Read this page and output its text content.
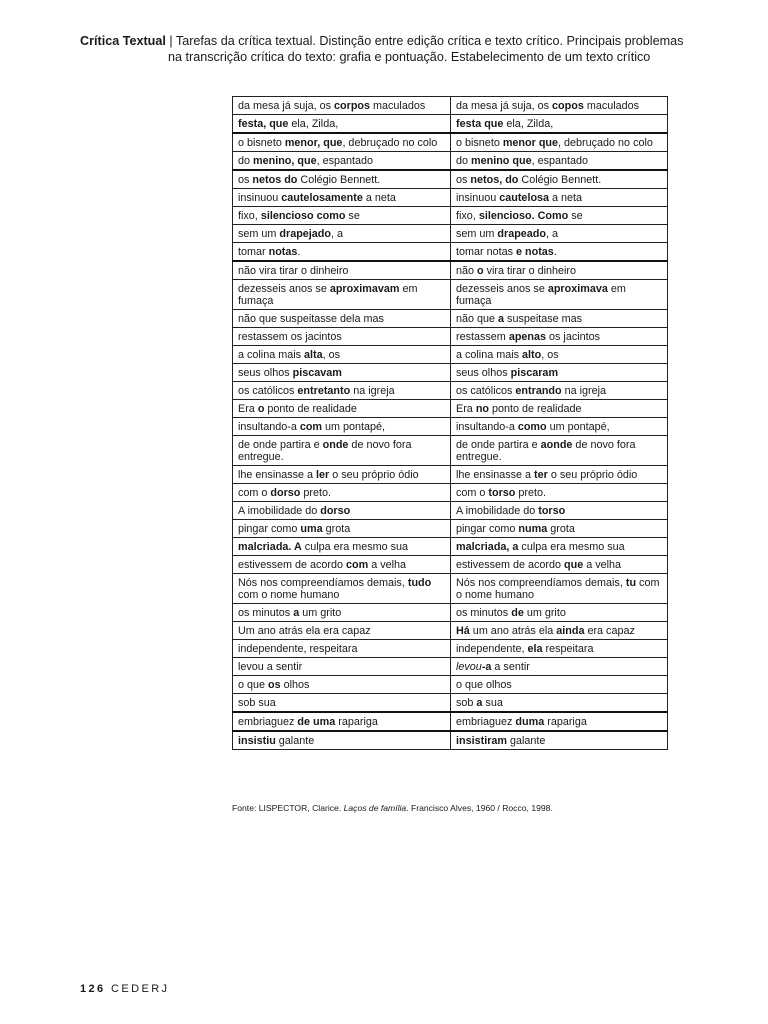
Crítica Textual | Tarefas da crítica textual. Distinção entre edição crítica e texto crítico. Principais problemas
na transcrição crítica do texto: grafia e pontuação. Estabelecimento de um texto crítico
da mesa já suja, os corpos maculados	da mesa já suja, os copos maculados
festa, que ela, Zilda,	festa que ela, Zilda,
o bisneto menor, que, debruçado no colo	o bisneto menor que, debruçado no colo
do menino, que, espantado	do menino que, espantado
os netos do Colégio Bennett.	os netos, do Colégio Bennett.
insinuou cautelosamente a neta	insinuou cautelosa a neta
fixo, silencioso como se	fixo, silencioso. Como se
sem um drapejado, a	sem um drapeado, a
tomar notas.	tomar notas e notas.
não vira tirar o dinheiro	não o vira tirar o dinheiro
dezesseis anos se aproximavam em fumaça	dezesseis anos se aproximava em fumaça
não que suspeitasse dela mas	não que a suspeitase mas
restassem os jacintos	restassem apenas os jacintos
a colina mais alta, os	a colina mais alto, os
seus olhos piscavam	seus olhos piscaram
os católicos entretanto na igreja	os católicos entrando na igreja
Era o ponto de realidade	Era no ponto de realidade
insultando-a com um pontapé,	insultando-a como um pontapé,
de onde partira e onde de novo fora entregue.	de onde partira e aonde de novo fora entregue.
lhe ensinasse a ler o seu próprio ódio	lhe ensinasse a ter o seu próprio ódio
com o dorso preto.	com o torso preto.
A imobilidade do dorso	A imobilidade do torso
pingar como uma grota	pingar como numa grota
malcriada. A culpa era mesmo sua	malcriada, a culpa era mesmo sua
estivessem de acordo com a velha	estivessem de acordo que a velha
Nós nos compreendíamos demais, tudo com o nome humano	Nós nos compreendíamos demais, tu com o nome humano
os minutos a um grito	os minutos de um grito
Um ano atrás ela era capaz	Há um ano atrás ela ainda era capaz
independente, respeitara	independente, ela respeitara
levou a sentir	levou-a a sentir
o que os olhos	o que olhos
sob sua	sob a sua
embriaguez de uma rapariga	embriaguez duma rapariga
insistiu galante	insistiram galante
Fonte: LISPECTOR, Clarice. Laços de família. Francisco Alves, 1960 / Rocco, 1998.
126 CEDERJ
